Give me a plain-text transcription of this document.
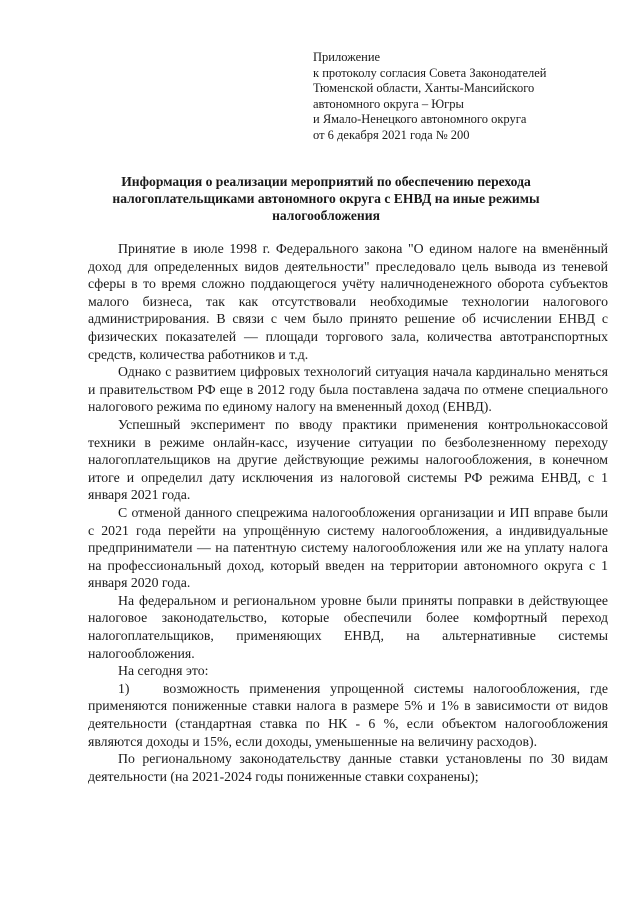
Приложение
к протоколу согласия Совета Законодателей
Тюменской области, Ханты-Мансийского
автономного округа – Югры
и Ямало-Ненецкого автономного округа
от 6 декабря 2021 года № 200
Информация о реализации мероприятий по обеспечению перехода налогоплательщиками автономного округа с ЕНВД на иные режимы налогообложения

Принятие в июле 1998 г. Федерального закона "О едином налоге на вменённый доход для определенных видов деятельности" преследовало цель вывода из теневой сферы в то время сложно поддающегося учёту наличноденежного оборота субъектов малого бизнеса, так как отсутствовали необходимые технологии налогового администрирования. В связи с чем было принято решение об исчислении ЕНВД с физических показателей — площади торгового зала, количества автотранспортных средств, количества работников и т.д.

Однако с развитием цифровых технологий ситуация начала кардинально меняться и правительством РФ еще в 2012 году была поставлена задача по отмене специального налогового режима по единому налогу на вмененный доход (ЕНВД).

Успешный эксперимент по вводу практики применения контрольнокассовой техники в режиме онлайн-касс, изучение ситуации по безболезненному переходу налогоплательщиков на другие действующие режимы налогообложения, в конечном итоге и определил дату исключения из налоговой системы РФ режима ЕНВД, с 1 января 2021 года.

С отменой данного спецрежима налогообложения организации и ИП вправе были с 2021 года перейти на упрощённую систему налогообложения, а индивидуальные предприниматели — на патентную систему налогообложения или же на уплату налога на профессиональный доход, который введен на территории автономного округа с 1 января 2020 года.

На федеральном и региональном уровне были приняты поправки в действующее налоговое законодательство, которые обеспечили более комфортный переход налогоплательщиков, применяющих ЕНВД, на альтернативные системы налогообложения.

На сегодня это:

1) возможность применения упрощенной системы налогообложения, где применяются пониженные ставки налога в размере 5% и 1% в зависимости от видов деятельности (стандартная ставка по НК - 6 %, если объектом налогообложения являются доходы и 15%, если доходы, уменьшенные на величину расходов).

По региональному законодательству данные ставки установлены по 30 видам деятельности (на 2021-2024 годы пониженные ставки сохранены);
